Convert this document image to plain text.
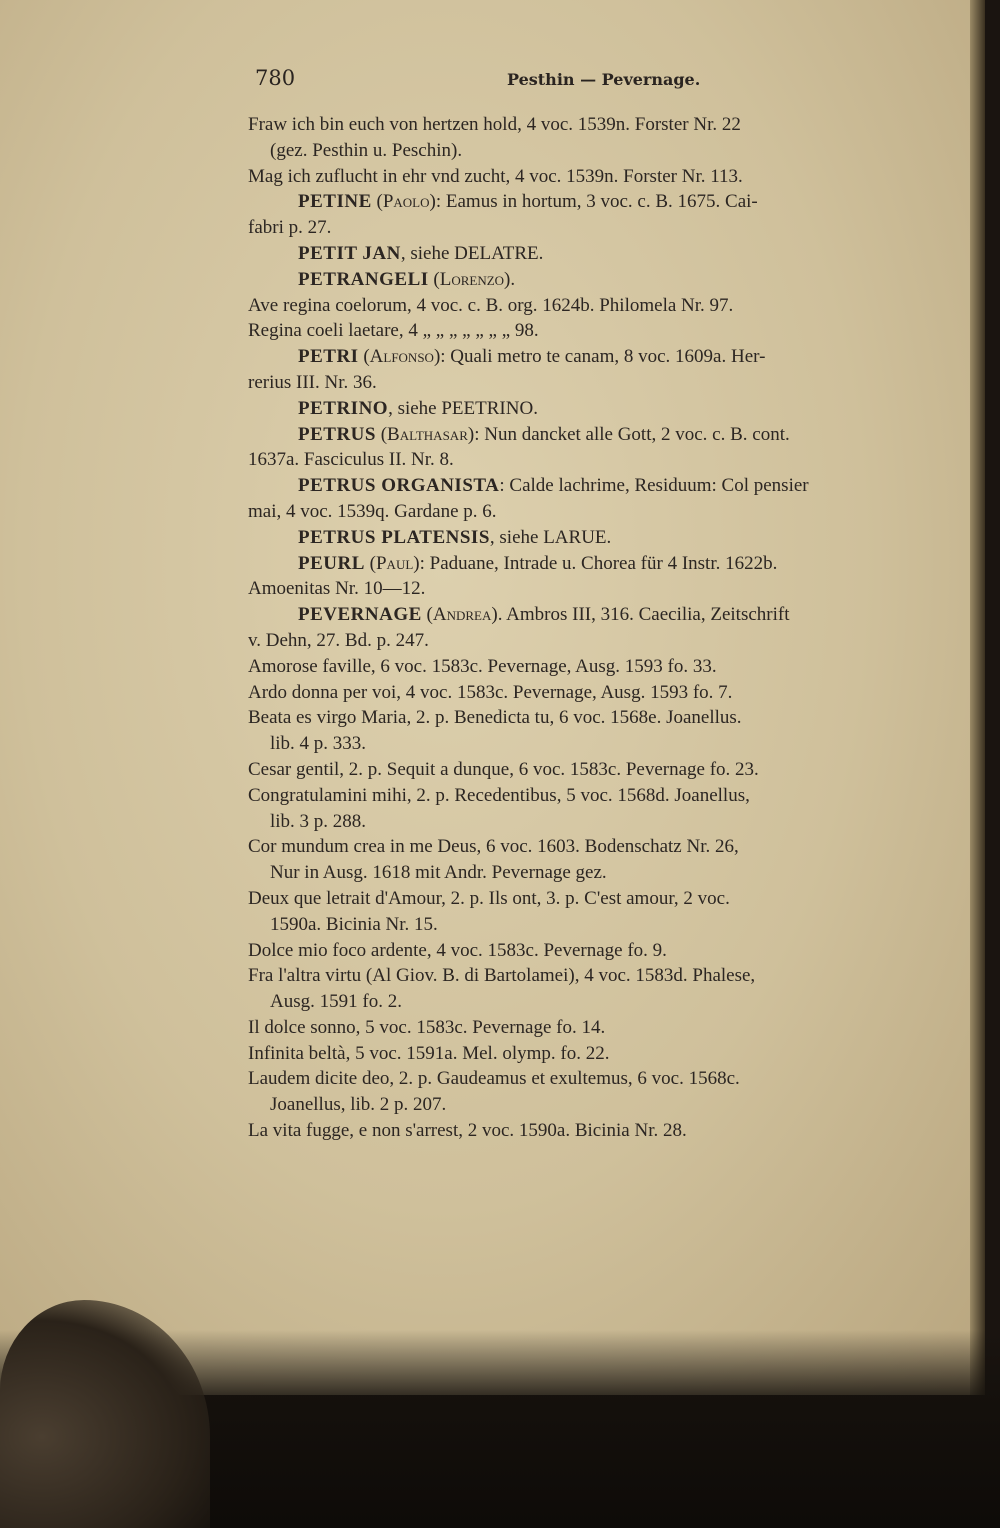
780	Pesthin — Pevernage.
Fraw ich bin euch von hertzen hold, 4 voc. 1539n. Forster Nr. 22
(gez. Pesthin u. Peschin).
Mag ich zuflucht in ehr vnd zucht, 4 voc. 1539n. Forster Nr. 113.
PETINE (Paolo): Eamus in hortum, 3 voc. c. B. 1675. Cai-
fabri p. 27.
PETIT JAN, siehe DELATRE.
PETRANGELI (Lorenzo).
Ave regina coelorum, 4 voc. c. B. org. 1624b. Philomela Nr. 97.
Regina coeli laetare, 4 „ „ „ „ „ „ „ 98.
PETRI (Alfonso): Quali metro te canam, 8 voc. 1609a. Her-
rerius III. Nr. 36.
PETRINO, siehe PEETRINO.
PETRUS (Balthasar): Nun dancket alle Gott, 2 voc. c. B. cont.
1637a. Fasciculus II. Nr. 8.
PETRUS ORGANISTA: Calde lachrime, Residuum: Col pensier
mai, 4 voc. 1539q. Gardane p. 6.
PETRUS PLATENSIS, siehe LARUE.
PEURL (Paul): Paduane, Intrade u. Chorea für 4 Instr. 1622b.
Amoenitas Nr. 10—12.
PEVERNAGE (Andrea). Ambros III, 316. Caecilia, Zeitschrift
v. Dehn, 27. Bd. p. 247.
Amorose faville, 6 voc. 1583c. Pevernage, Ausg. 1593 fo. 33.
Ardo donna per voi, 4 voc. 1583c. Pevernage, Ausg. 1593 fo. 7.
Beata es virgo Maria, 2. p. Benedicta tu, 6 voc. 1568e. Joanellus.
lib. 4 p. 333.
Cesar gentil, 2. p. Sequit a dunque, 6 voc. 1583c. Pevernage fo. 23.
Congratulamini mihi, 2. p. Recedentibus, 5 voc. 1568d. Joanellus,
lib. 3 p. 288.
Cor mundum crea in me Deus, 6 voc. 1603. Bodenschatz Nr. 26,
Nur in Ausg. 1618 mit Andr. Pevernage gez.
Deux que letrait d'Amour, 2. p. Ils ont, 3. p. C'est amour, 2 voc.
1590a. Bicinia Nr. 15.
Dolce mio foco ardente, 4 voc. 1583c. Pevernage fo. 9.
Fra l'altra virtu (Al Giov. B. di Bartolamei), 4 voc. 1583d. Phalese,
Ausg. 1591 fo. 2.
Il dolce sonno, 5 voc. 1583c. Pevernage fo. 14.
Infinita beltà, 5 voc. 1591a. Mel. olymp. fo. 22.
Laudem dicite deo, 2. p. Gaudeamus et exultemus, 6 voc. 1568c.
Joanellus, lib. 2 p. 207.
La vita fugge, e non s'arrest, 2 voc. 1590a. Bicinia Nr. 28.
